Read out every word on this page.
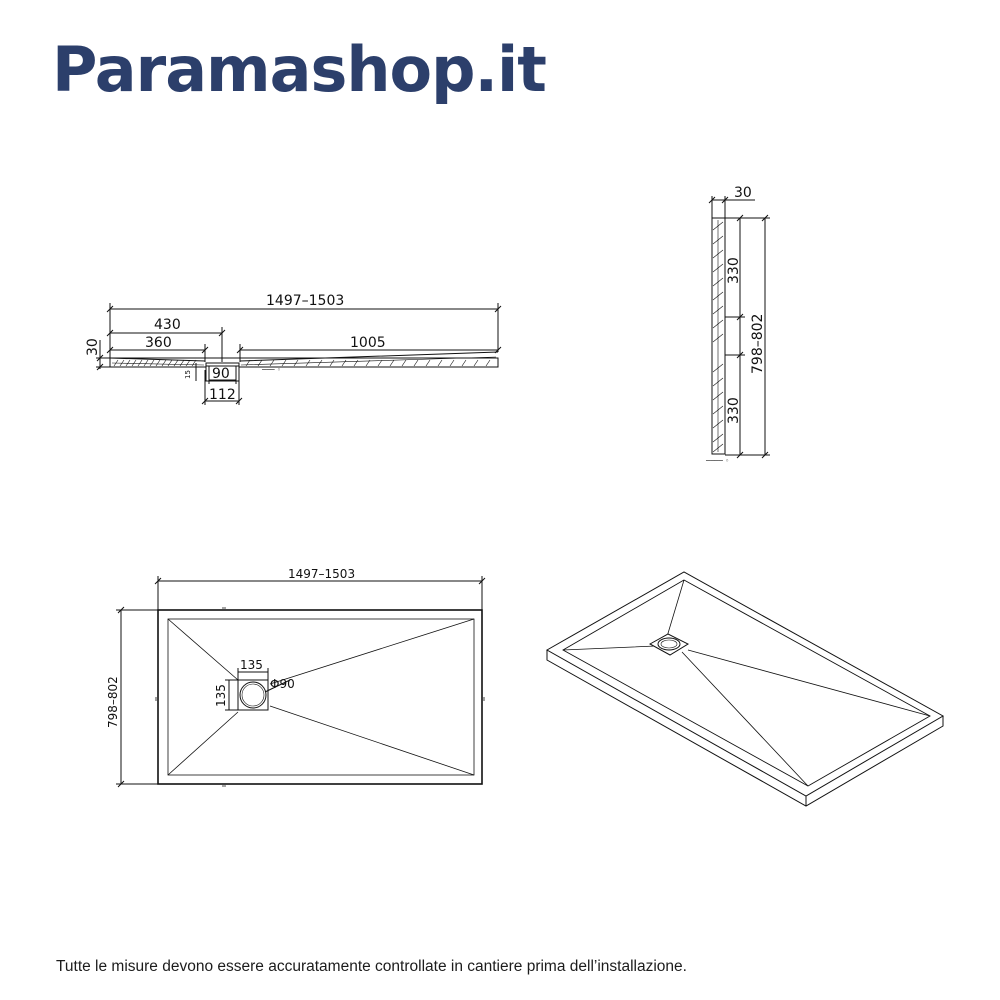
Paramashop.it
─── ◦
1497–1503
430
360	1005
30
15 90
112
──── ◦
30
330
798–802
330
1497–1503
798–802
135
135
Φ90
Tutte le misure devono essere accuratamente controllate in cantiere prima dell’installazione.
